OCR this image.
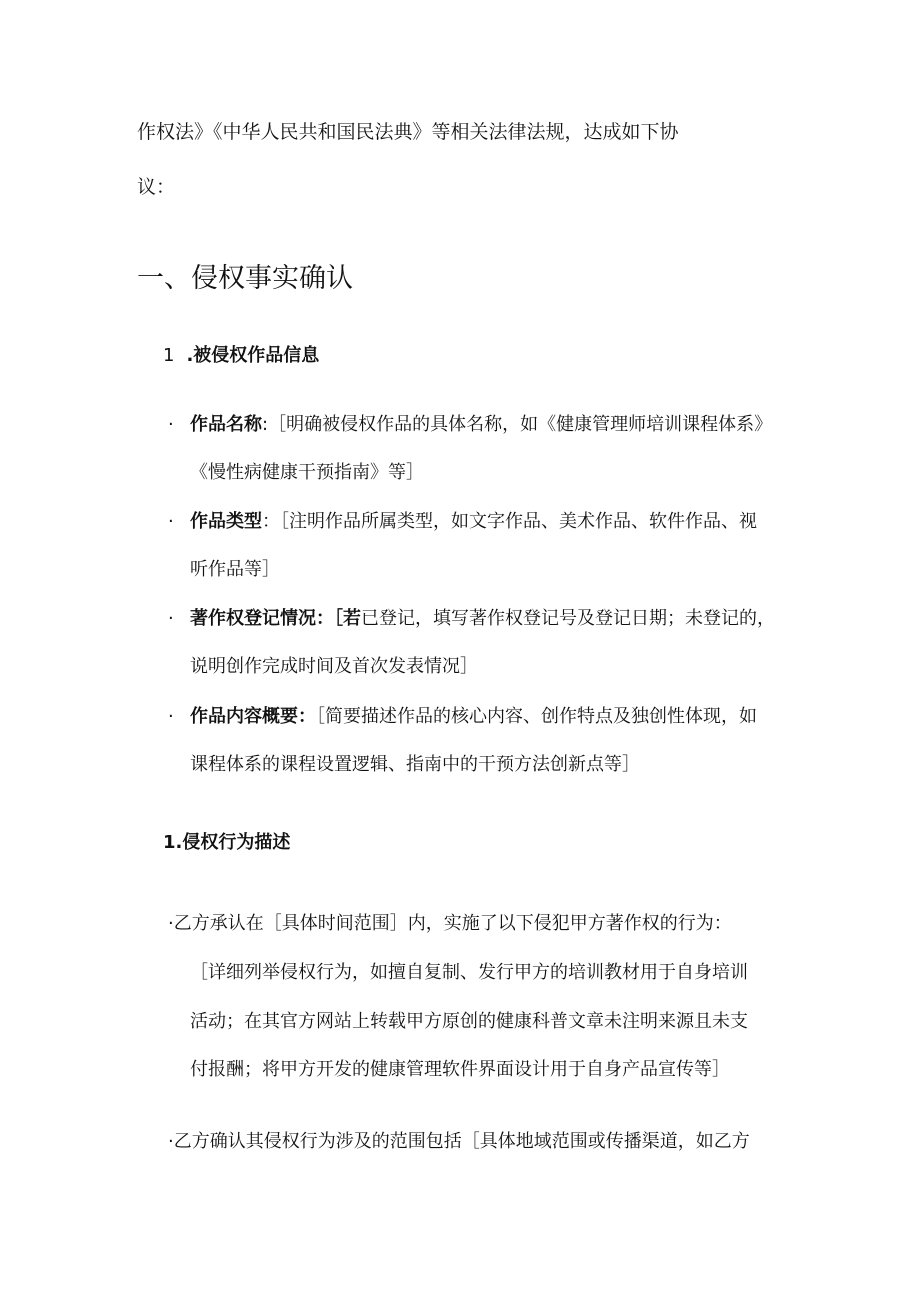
作权法》《中华人民共和国民法典》等相关法律法规，达成如下协
议：
一、侵权事实确认
1 .被侵权作品信息
· 作品名称:［明确被侵权作品的具体名称，如《健康管理师培训课程体系》
《慢性病健康干预指南》等］
· 作品类型：［注明作品所属类型，如文字作品、美术作品、软件作品、视
听作品等］
· 著作权登记情况：［若已登记，填写著作权登记号及登记日期；未登记的，
说明创作完成时间及首次发表情况］
· 作品内容概要：［简要描述作品的核心内容、创作特点及独创性体现，如
课程体系的课程设置逻辑、指南中的干预方法创新点等］
1.侵权行为描述
·乙方承认在［具体时间范围］内，实施了以下侵犯甲方著作权的行为：
［详细列举侵权行为，如擅自复制、发行甲方的培训教材用于自身培训
活动；在其官方网站上转载甲方原创的健康科普文章未注明来源且未支
付报酬；将甲方开发的健康管理软件界面设计用于自身产品宣传等］
·乙方确认其侵权行为涉及的范围包括［具体地域范围或传播渠道，如乙方
